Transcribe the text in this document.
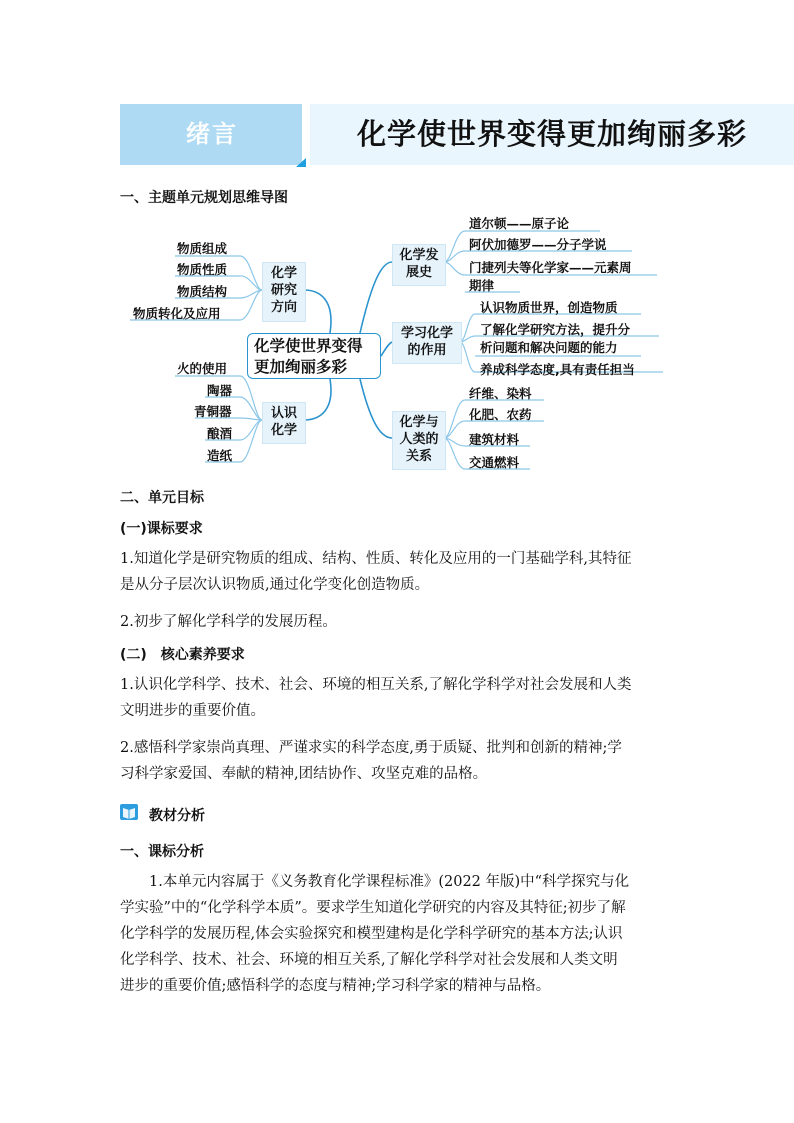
绪言	化学使世界变得更加绚丽多彩
一、主题单元规划思维导图
化学使世界变得更加绚丽多彩
化学
研究
方向
物质组成
物质性质
物质结构
物质转化及应用
认识
化学
火的使用
陶器
青铜器
酿酒
造纸
化学发
展史
道尔顿——原子论
阿伏加德罗——分子学说
门捷列夫等化学家——元素周
期律
学习化学
的作用
认识物质世界，创造物质
了解化学研究方法，提升分
析问题和解决问题的能力
养成科学态度,具有责任担当
化学与
人类的
关系
纤维、染料
化肥、农药
建筑材料
交通燃料
二、单元目标
(一)课标要求
1.知道化学是研究物质的组成、结构、性质、转化及应用的一门基础学科,其特征
是从分子层次认识物质,通过化学变化创造物质。
2.初步了解化学科学的发展历程。
(二)　核心素养要求
1.认识化学科学、技术、社会、环境的相互关系,了解化学科学对社会发展和人类
文明进步的重要价值。
2.感悟科学家崇尚真理、严谨求实的科学态度,勇于质疑、批判和创新的精神;学
习科学家爱国、奉献的精神,团结协作、攻坚克难的品格。
教材分析
一、课标分析
1.本单元内容属于《义务教育化学课程标准》(2022 年版)中“科学探究与化
学实验”中的“化学科学本质”。要求学生知道化学研究的内容及其特征;初步了解
化学科学的发展历程,体会实验探究和模型建构是化学科学研究的基本方法;认识
化学科学、技术、社会、环境的相互关系,了解化学科学对社会发展和人类文明
进步的重要价值;感悟科学的态度与精神;学习科学家的精神与品格。
